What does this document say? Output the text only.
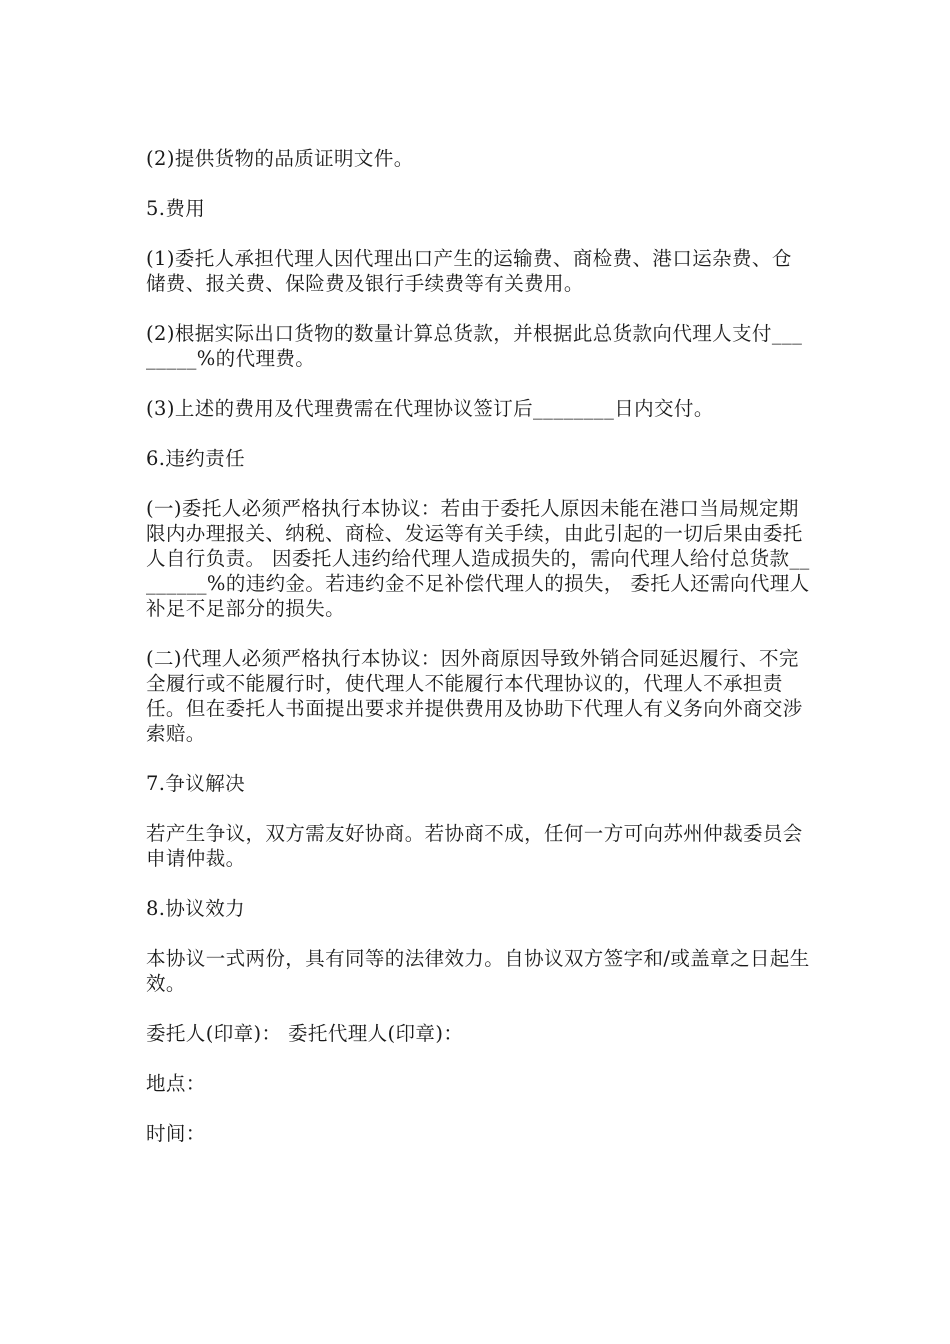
(2)提供货物的品质证明文件。

5.费用

(1)委托人承担代理人因代理出口产生的运输费、商检费、港口运杂费、仓储费、报关费、保险费及银行手续费等有关费用。

(2)根据实际出口货物的数量计算总货款，并根据此总货款向代理人支付________%的代理费。

(3)上述的费用及代理费需在代理协议签订后________日内交付。

6.违约责任

(一)委托人必须严格执行本协议：若由于委托人原因未能在港口当局规定期限内办理报关、纳税、商检、发运等有关手续，由此引起的一切后果由委托人自行负责。 因委托人违约给代理人造成损失的，需向代理人给付总货款________%的违约金。若违约金不足补偿代理人的损失， 委托人还需向代理人补足不足部分的损失。

(二)代理人必须严格执行本协议：因外商原因导致外销合同延迟履行、不完全履行或不能履行时，使代理人不能履行本代理协议的，代理人不承担责任。但在委托人书面提出要求并提供费用及协助下代理人有义务向外商交涉索赔。

7.争议解决

若产生争议，双方需友好协商。若协商不成，任何一方可向苏州仲裁委员会申请仲裁。

8.协议效力

本协议一式两份，具有同等的法律效力。自协议双方签字和/或盖章之日起生效。

委托人(印章)： 委托代理人(印章)：

地点：

时间：
